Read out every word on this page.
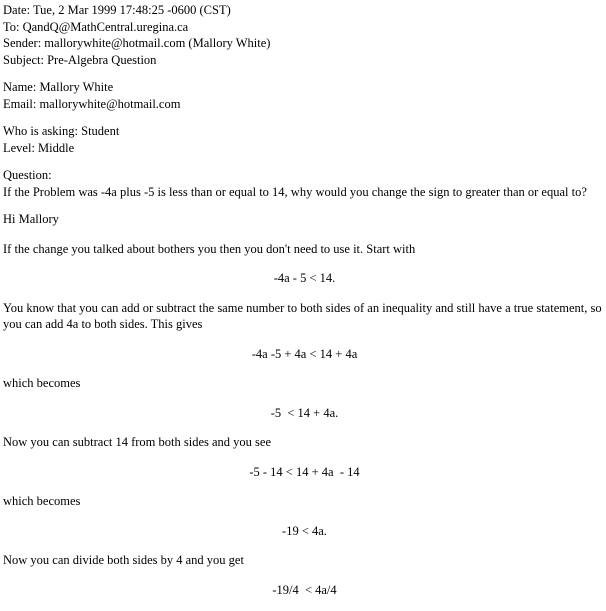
Date: Tue, 2 Mar 1999 17:48:25 -0600 (CST)
To: QandQ@MathCentral.uregina.ca
Sender: mallorywhite@hotmail.com (Mallory White)
Subject: Pre-Algebra Question
Name: Mallory White
Email: mallorywhite@hotmail.com
Who is asking: Student
Level: Middle
Question:
If the Problem was -4a plus -5 is less than or equal to 14, why would you change the sign to greater than or equal to?
Hi Mallory
If the change you talked about bothers you then you don't need to use it. Start with
-4a - 5 < 14.
You know that you can add or subtract the same number to both sides of an inequality and still have a true statement, so you can add 4a to both sides. This gives
-4a -5 + 4a < 14 + 4a
which becomes
-5  < 14 + 4a.
Now you can subtract 14 from both sides and you see
-5 - 14 < 14 + 4a  - 14
which becomes
-19 < 4a.
Now you can divide both sides by 4 and you get
-19/4  < 4a/4
